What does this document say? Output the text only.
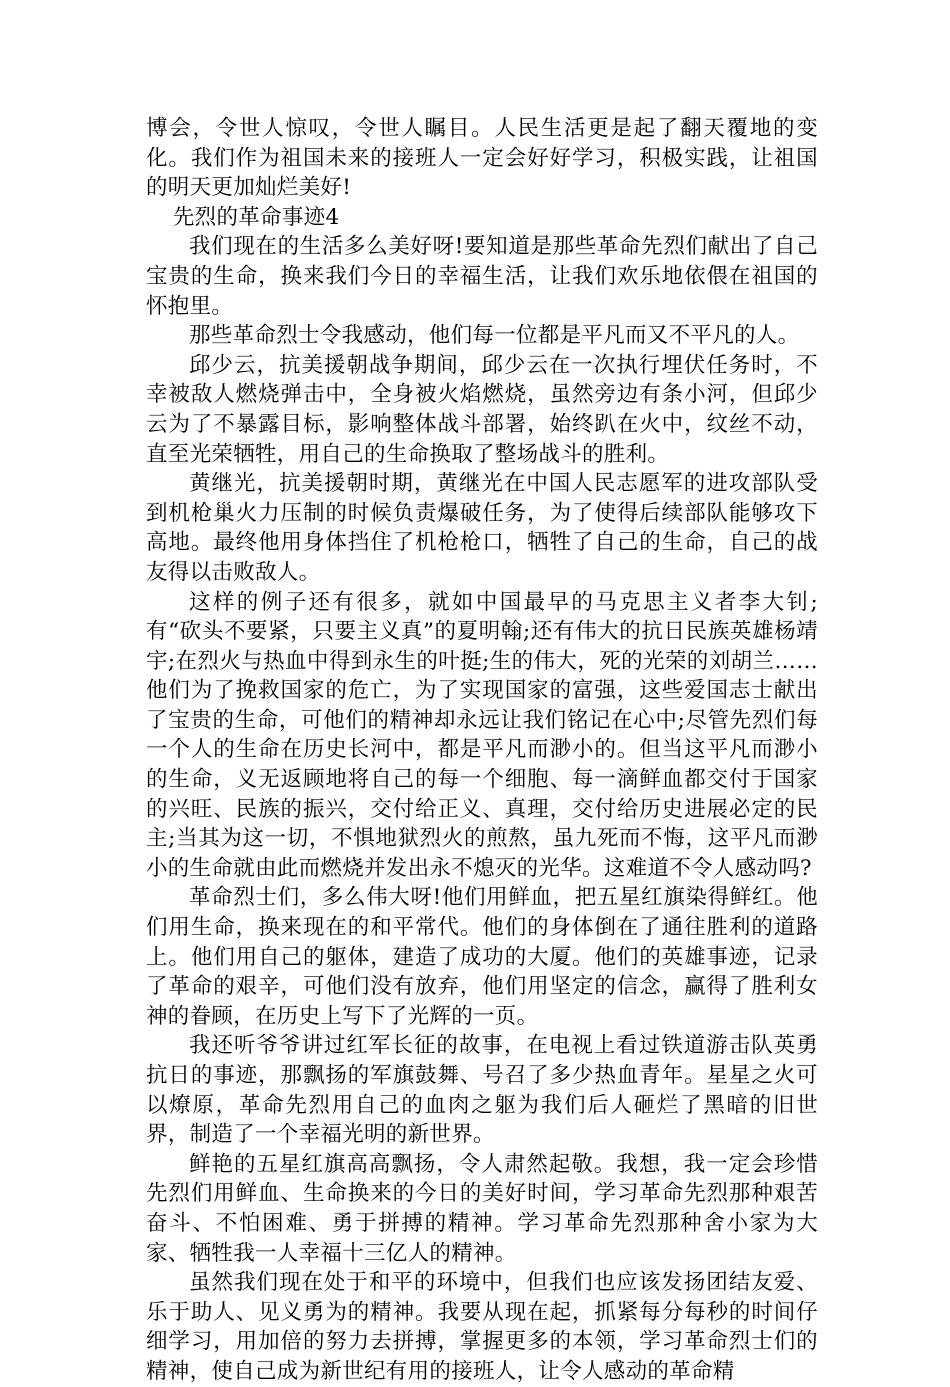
博会，令世人惊叹，令世人瞩目。人民生活更是起了翻天覆地的变化。我们作为祖国未来的接班人一定会好好学习，积极实践，让祖国的明天更加灿烂美好!

先烈的革命事迹4

我们现在的生活多么美好呀!要知道是那些革命先烈们献出了自己宝贵的生命，换来我们今日的幸福生活，让我们欢乐地依偎在祖国的怀抱里。

那些革命烈士令我感动，他们每一位都是平凡而又不平凡的人。

邱少云，抗美援朝战争期间，邱少云在一次执行埋伏任务时，不幸被敌人燃烧弹击中，全身被火焰燃烧，虽然旁边有条小河，但邱少云为了不暴露目标，影响整体战斗部署，始终趴在火中，纹丝不动，直至光荣牺牲，用自己的生命换取了整场战斗的胜利。

黄继光，抗美援朝时期，黄继光在中国人民志愿军的进攻部队受到机枪巢火力压制的时候负责爆破任务，为了使得后续部队能够攻下高地。最终他用身体挡住了机枪枪口，牺牲了自己的生命，自己的战友得以击败敌人。

这样的例子还有很多，就如中国最早的马克思主义者李大钊;有“砍头不要紧，只要主义真”的夏明翰;还有伟大的抗日民族英雄杨靖宇;在烈火与热血中得到永生的叶挺;生的伟大，死的光荣的刘胡兰……他们为了挽救国家的危亡，为了实现国家的富强，这些爱国志士献出了宝贵的生命，可他们的精神却永远让我们铭记在心中;尽管先烈们每一个人的生命在历史长河中，都是平凡而渺小的。但当这平凡而渺小的生命，义无返顾地将自己的每一个细胞、每一滴鲜血都交付于国家的兴旺、民族的振兴，交付给正义、真理，交付给历史进展必定的民主;当其为这一切，不惧地狱烈火的煎熬，虽九死而不悔，这平凡而渺小的生命就由此而燃烧并发出永不熄灭的光华。这难道不令人感动吗?

革命烈士们，多么伟大呀!他们用鲜血，把五星红旗染得鲜红。他们用生命，换来现在的和平常代。他们的身体倒在了通往胜利的道路上。他们用自己的躯体，建造了成功的大厦。他们的英雄事迹，记录了革命的艰辛，可他们没有放弃，他们用坚定的信念，赢得了胜利女神的眷顾，在历史上写下了光辉的一页。

我还听爷爷讲过红军长征的故事，在电视上看过铁道游击队英勇抗日的事迹，那飘扬的军旗鼓舞、号召了多少热血青年。星星之火可以燎原，革命先烈用自己的血肉之躯为我们后人砸烂了黑暗的旧世界，制造了一个幸福光明的新世界。

鲜艳的五星红旗高高飘扬，令人肃然起敬。我想，我一定会珍惜先烈们用鲜血、生命换来的今日的美好时间，学习革命先烈那种艰苦奋斗、不怕困难、勇于拼搏的精神。学习革命先烈那种舍小家为大家、牺牲我一人幸福十三亿人的精神。

虽然我们现在处于和平的环境中，但我们也应该发扬团结友爱、乐于助人、见义勇为的精神。我要从现在起，抓紧每分每秒的时间仔细学习，用加倍的努力去拼搏，掌握更多的本领，学习革命烈士们的精神，使自己成为新世纪有用的接班人，让令人感动的革命精
